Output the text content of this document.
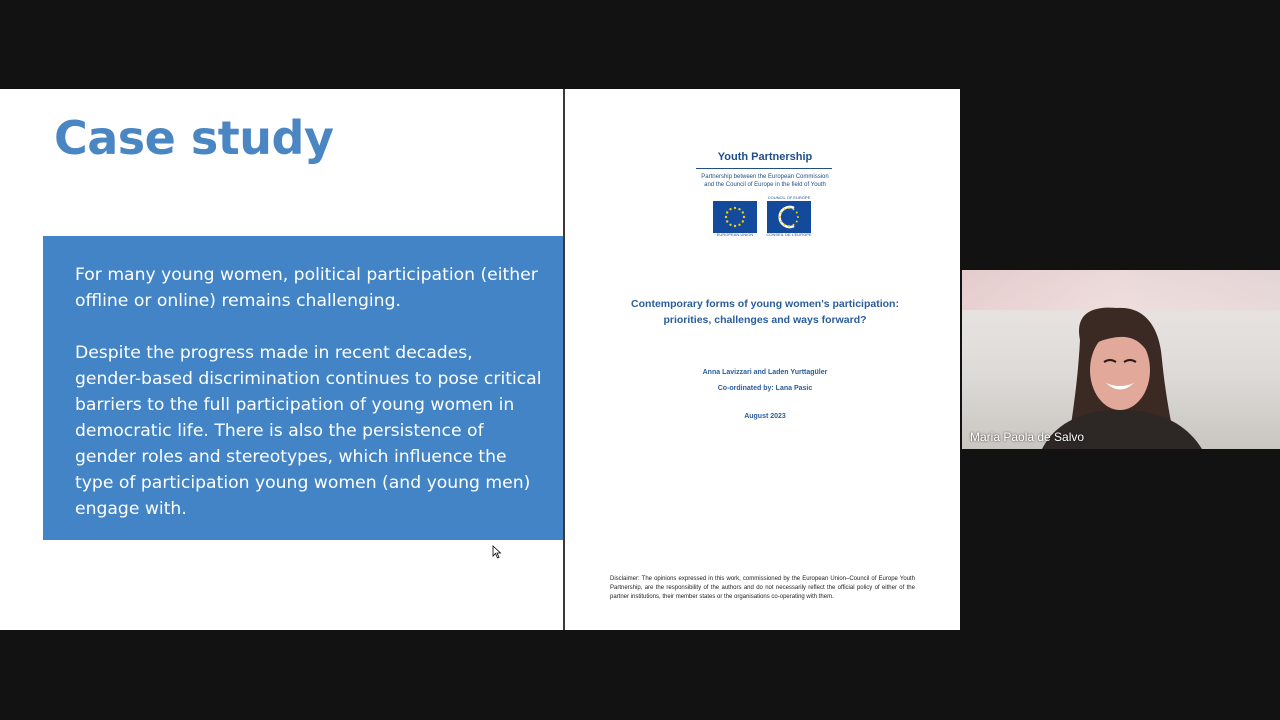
Case study

For many young women, political participation (either offline or online) remains challenging.

Despite the progress made in recent decades, gender-based discrimination continues to pose critical barriers to the full participation of young women in democratic life. There is also the persistence of gender roles and stereotypes, which influence the type of participation young women (and young men) engage with.

Youth Partnership
Partnership between the European Commission
and the Council of Europe in the field of Youth
COUNCIL OF EUROPE
EUROPEAN UNION	CONSEIL DE L'EUROPE
Contemporary forms of young women's participation:
priorities, challenges and ways forward?
Anna Lavizzari and Laden Yurttagüler
Co-ordinated by: Lana Pasic
August 2023
Disclaimer: The opinions expressed in this work, commissioned by the European Union–Council of Europe Youth Partnership, are the responsibility of the authors and do not necessarily reflect the official policy of either of the partner institutions, their member states or the organisations co-operating with them.
Maria Paola de Salvo
